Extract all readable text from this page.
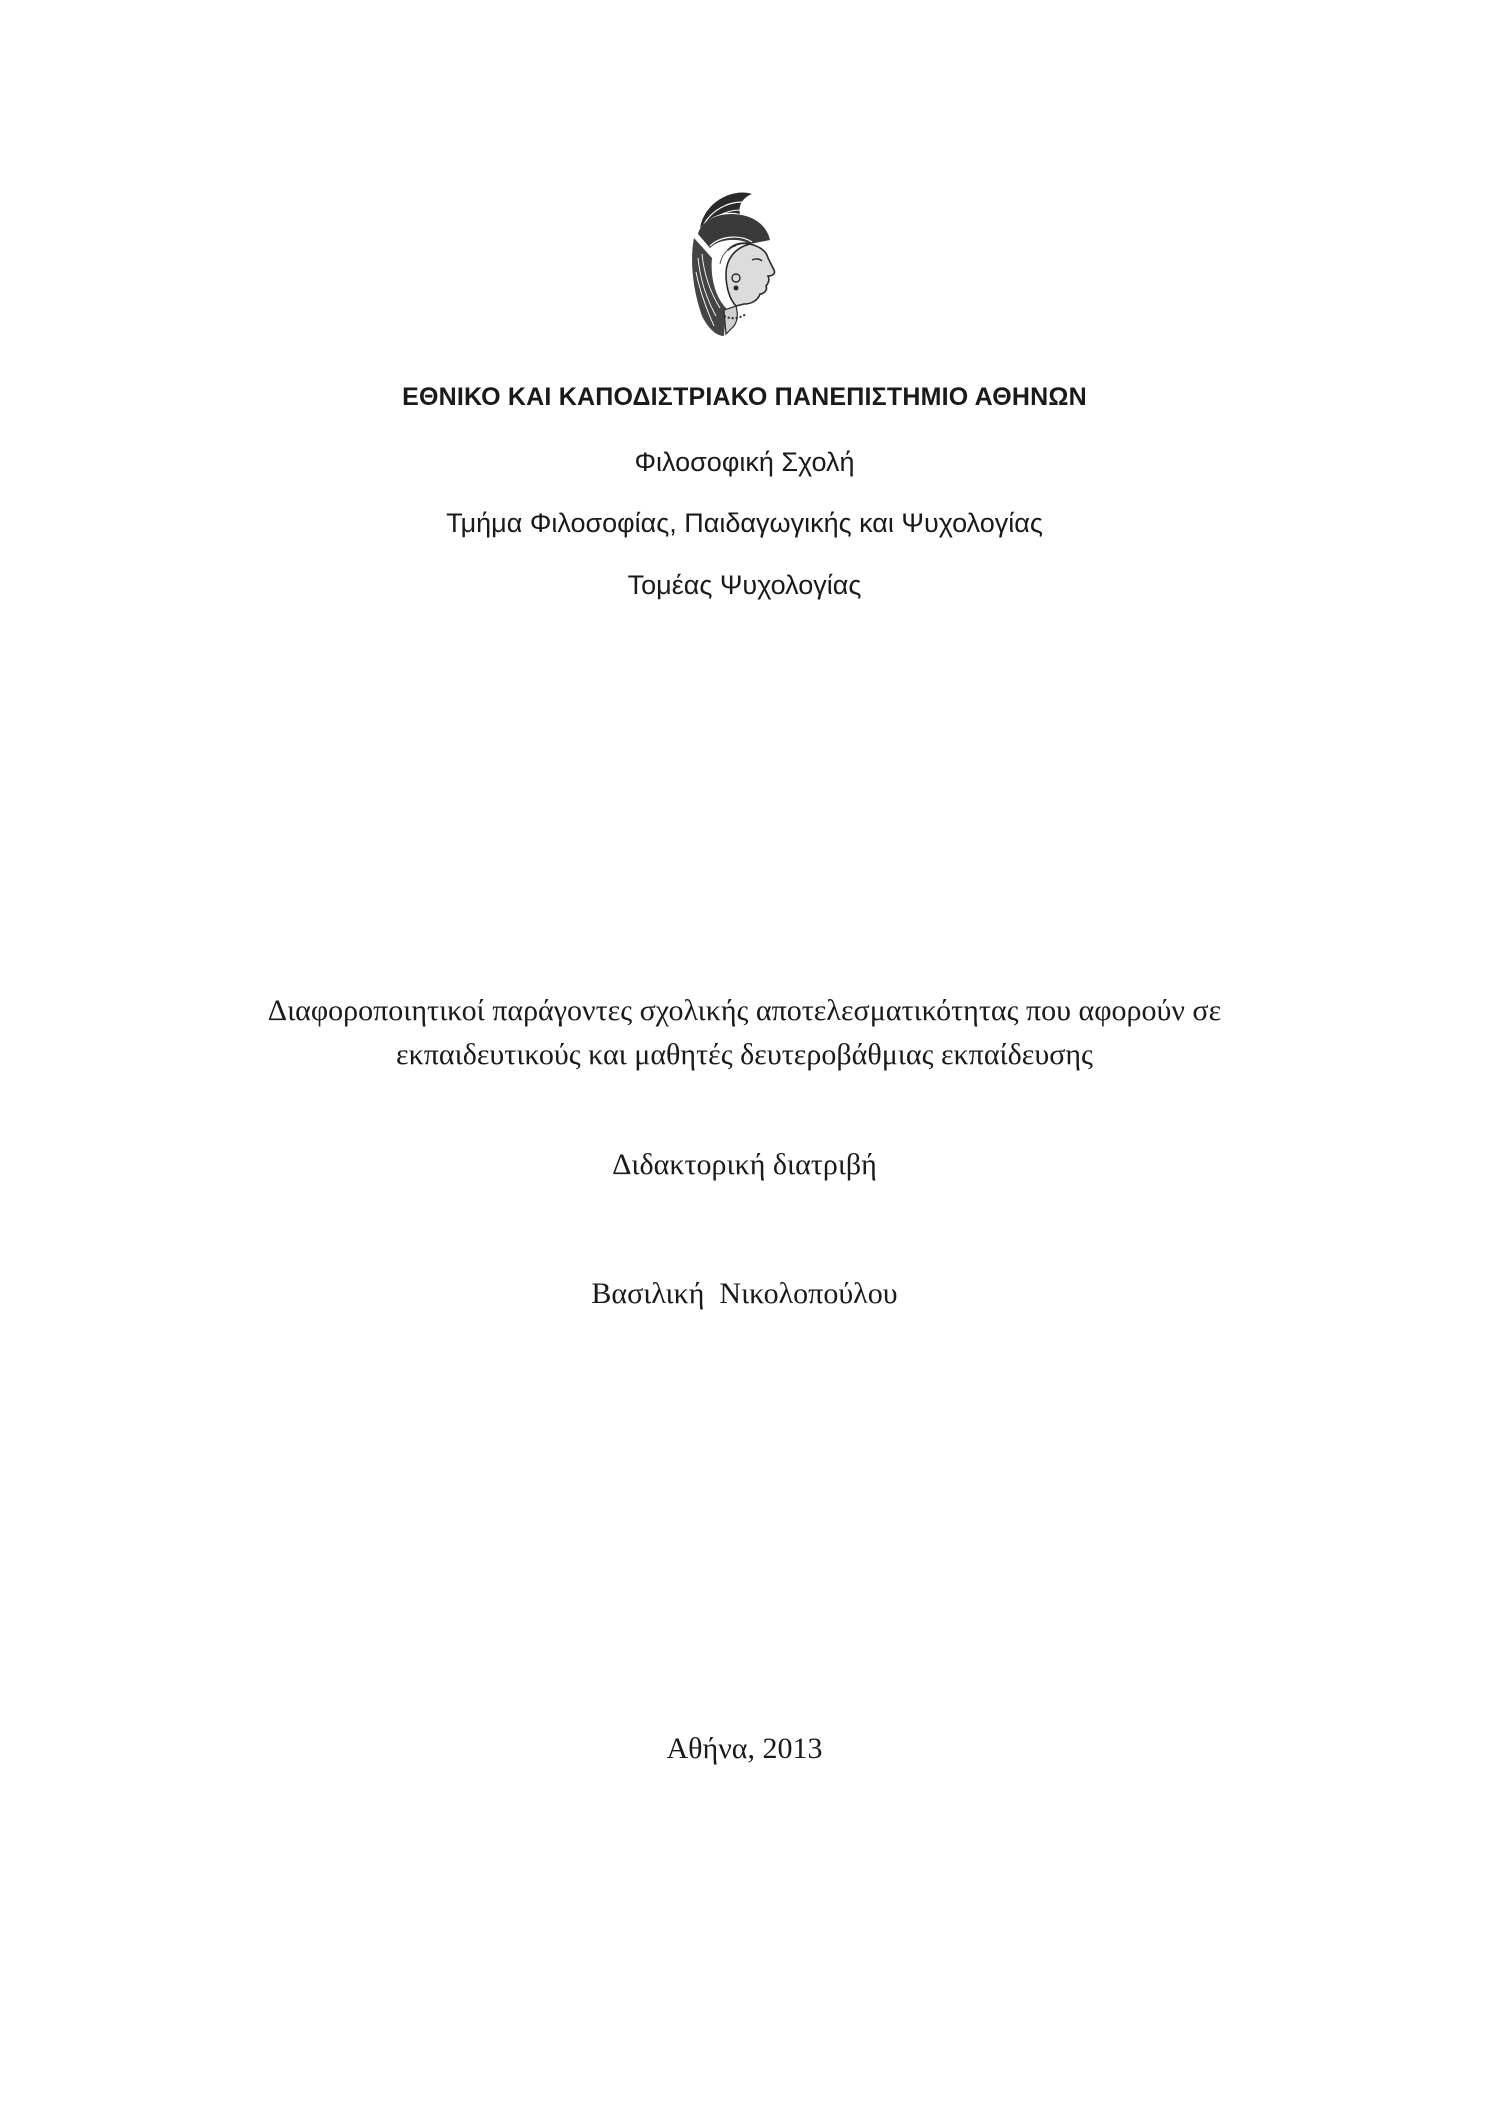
ΕΘΝΙΚΟ ΚΑΙ ΚΑΠΟΔΙΣΤΡΙΑΚΟ ΠΑΝΕΠΙΣΤΗΜΙΟ ΑΘΗΝΩΝ
Φιλοσοφική Σχολή
Τμήμα Φιλοσοφίας, Παιδαγωγικής και Ψυχολογίας
Τομέας Ψυχολογίας
Διαφοροποιητικοί παράγοντες σχολικής αποτελεσματικότητας που αφορούν σε
εκπαιδευτικούς και μαθητές δευτεροβάθμιας εκπαίδευσης
Διδακτορική διατριβή
Βασιλική  Νικολοπούλου
Αθήνα, 2013
